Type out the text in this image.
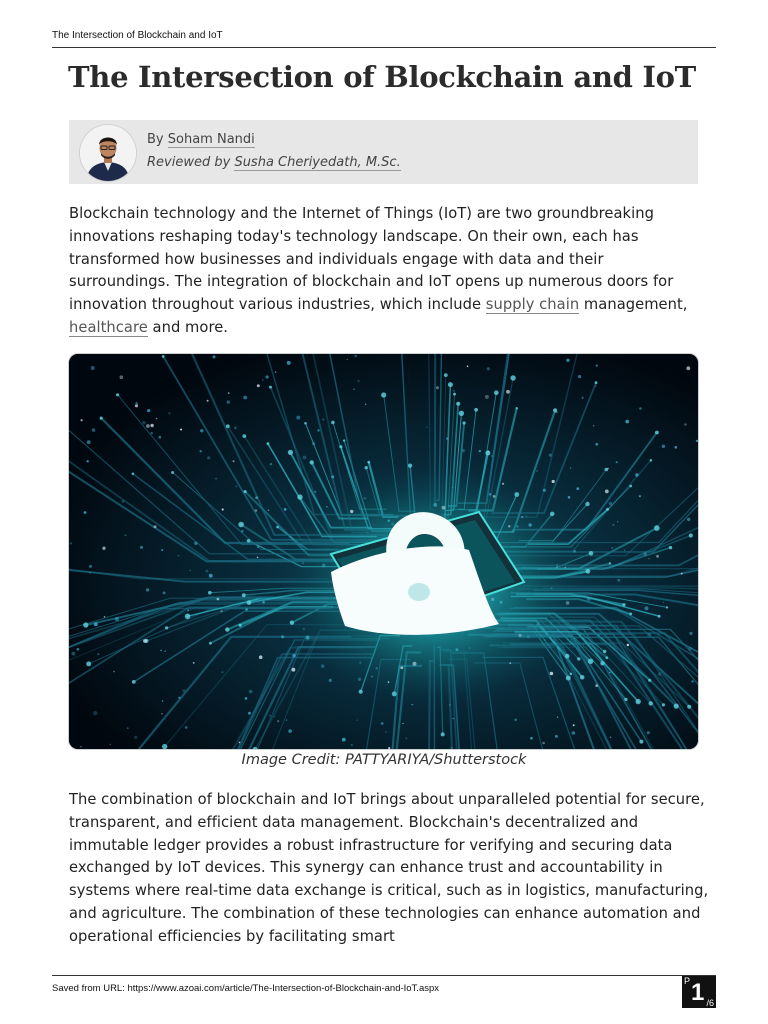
The Intersection of Blockchain and IoT
The Intersection of Blockchain and IoT
By Soham Nandi
Reviewed by Susha Cheriyedath, M.Sc.

Blockchain technology and the Internet of Things (IoT) are two groundbreaking innovations reshaping today's technology landscape. On their own, each has transformed how businesses and individuals engage with data and their surroundings. The integration of blockchain and IoT opens up numerous doors for innovation throughout various industries, which include supply chain management, healthcare and more.

Image Credit: PATTYARIYA/Shutterstock

The combination of blockchain and IoT brings about unparalleled potential for secure, transparent, and efficient data management. Blockchain's decentralized and immutable ledger provides a robust infrastructure for verifying and securing data exchanged by IoT devices. This synergy can enhance trust and accountability in systems where real-time data exchange is critical, such as in logistics, manufacturing, and agriculture. The combination of these technologies can enhance automation and operational efficiencies by facilitating smart

Saved from URL: https://www.azoai.com/article/The-Intersection-of-Blockchain-and-IoT.aspx
P 1 /6
